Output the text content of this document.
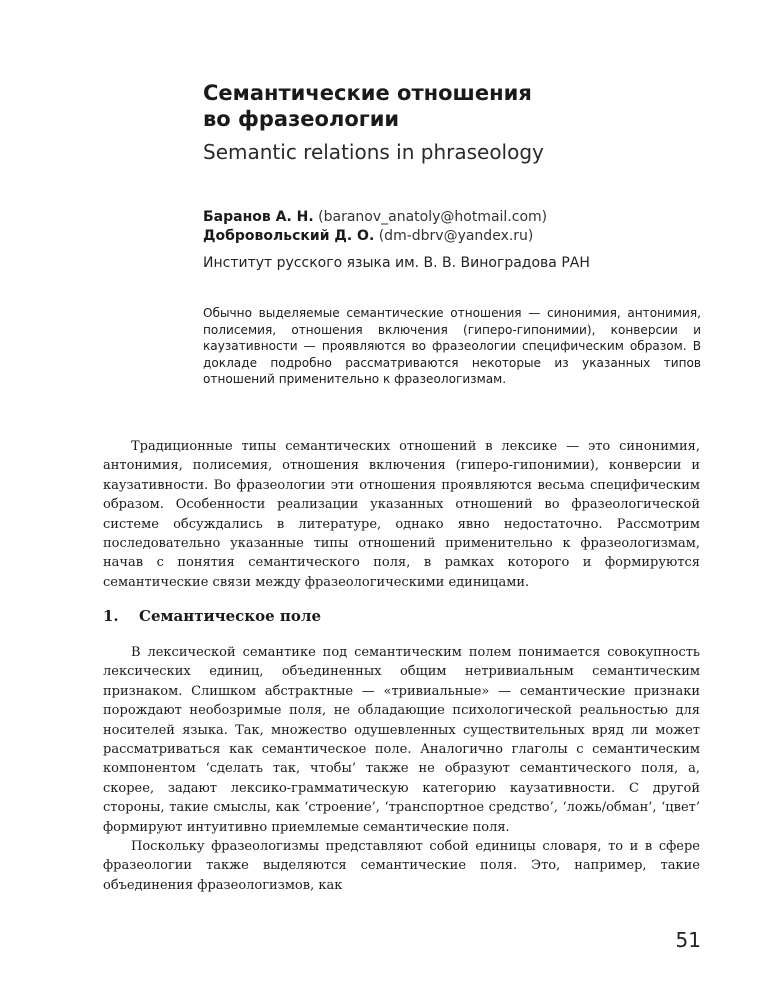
Семантические отношения
во фразеологии
Semantic relations in phraseology
Баранов А. Н. (baranov_anatoly@hotmail.com)
Добровольский Д. О. (dm-dbrv@yandex.ru)
Институт русского языка им. В. В. Виноградова РАН
Обычно выделяемые семантические отношения — синонимия, антонимия, полисемия, отношения включения (гиперо-гипонимии), конверсии и каузативности — проявляются во фразеологии специфическим образом. В докладе подробно рассматриваются некоторые из указанных типов отношений применительно к фразеологизмам.
Традиционные типы семантических отношений в лексике — это синонимия, антонимия, полисемия, отношения включения (гиперо-гипонимии), конверсии и каузативности. Во фразеологии эти отношения проявляются весьма специфическим образом. Особенности реализации указанных отношений во фразеологической системе обсуждались в литературе, однако явно недостаточно. Рассмотрим последовательно указанные типы отношений применительно к фразеологизмам, начав с понятия семантического поля, в рамках которого и формируются семантические связи между фразеологическими единицами.
1. Семантическое поле

В лексической семантике под семантическим полем понимается совокупность лексических единиц, объединенных общим нетривиальным семантическим признаком. Слишком абстрактные — «тривиальные» — семантические признаки порождают необозримые поля, не обладающие психологической реальностью для носителей языка. Так, множество одушевленных существительных вряд ли может рассматриваться как семантическое поле. Аналогично глаголы с семантическим компонентом ‘сделать так, чтобы’ также не образуют семантического поля, а, скорее, задают лексико-грамматическую категорию каузативности. С другой стороны, такие смыслы, как ‘строение’, ‘транспортное средство’, ‘ложь/обман’, ‘цвет’ формируют интуитивно приемлемые семантические поля.

Поскольку фразеологизмы представляют собой единицы словаря, то и в сфере фразеологии также выделяются семантические поля. Это, например, такие объединения фразеологизмов, как

51
